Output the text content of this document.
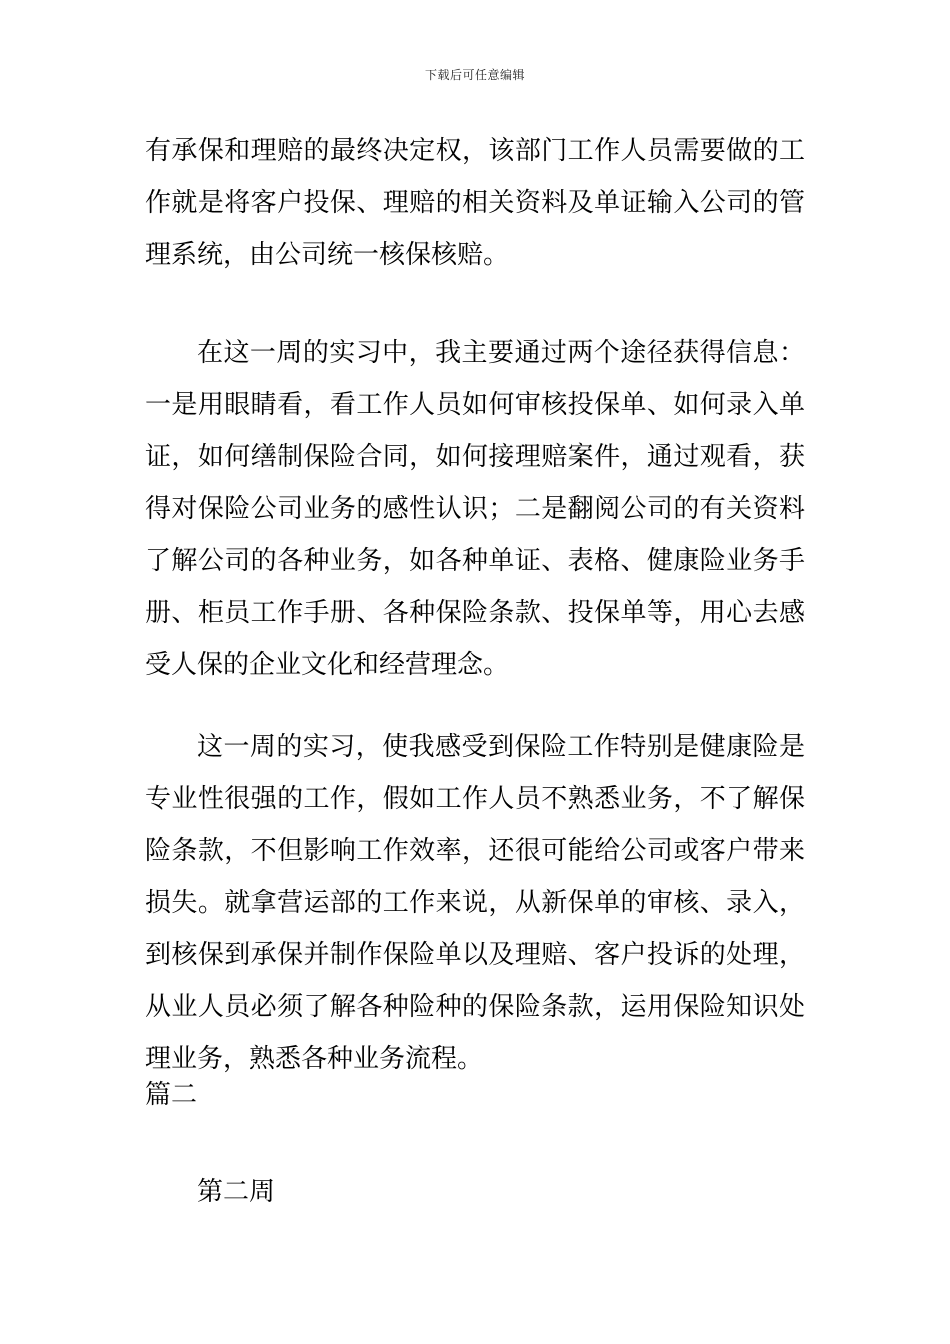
下载后可任意编辑

有承保和理赔的最终决定权，该部门工作人员需要做的工作就是将客户投保、理赔的相关资料及单证输入公司的管理系统，由公司统一核保核赔。

在这一周的实习中，我主要通过两个途径获得信息：一是用眼睛看，看工作人员如何审核投保单、如何录入单证，如何缮制保险合同，如何接理赔案件，通过观看，获得对保险公司业务的感性认识；二是翻阅公司的有关资料了解公司的各种业务，如各种单证、表格、健康险业务手册、柜员工作手册、各种保险条款、投保单等，用心去感受人保的企业文化和经营理念。

这一周的实习，使我感受到保险工作特别是健康险是专业性很强的工作，假如工作人员不熟悉业务，不了解保险条款，不但影响工作效率，还很可能给公司或客户带来损失。就拿营运部的工作来说，从新保单的审核、录入，到核保到承保并制作保险单以及理赔、客户投诉的处理，从业人员必须了解各种险种的保险条款，运用保险知识处理业务，熟悉各种业务流程。

篇二

第二周
